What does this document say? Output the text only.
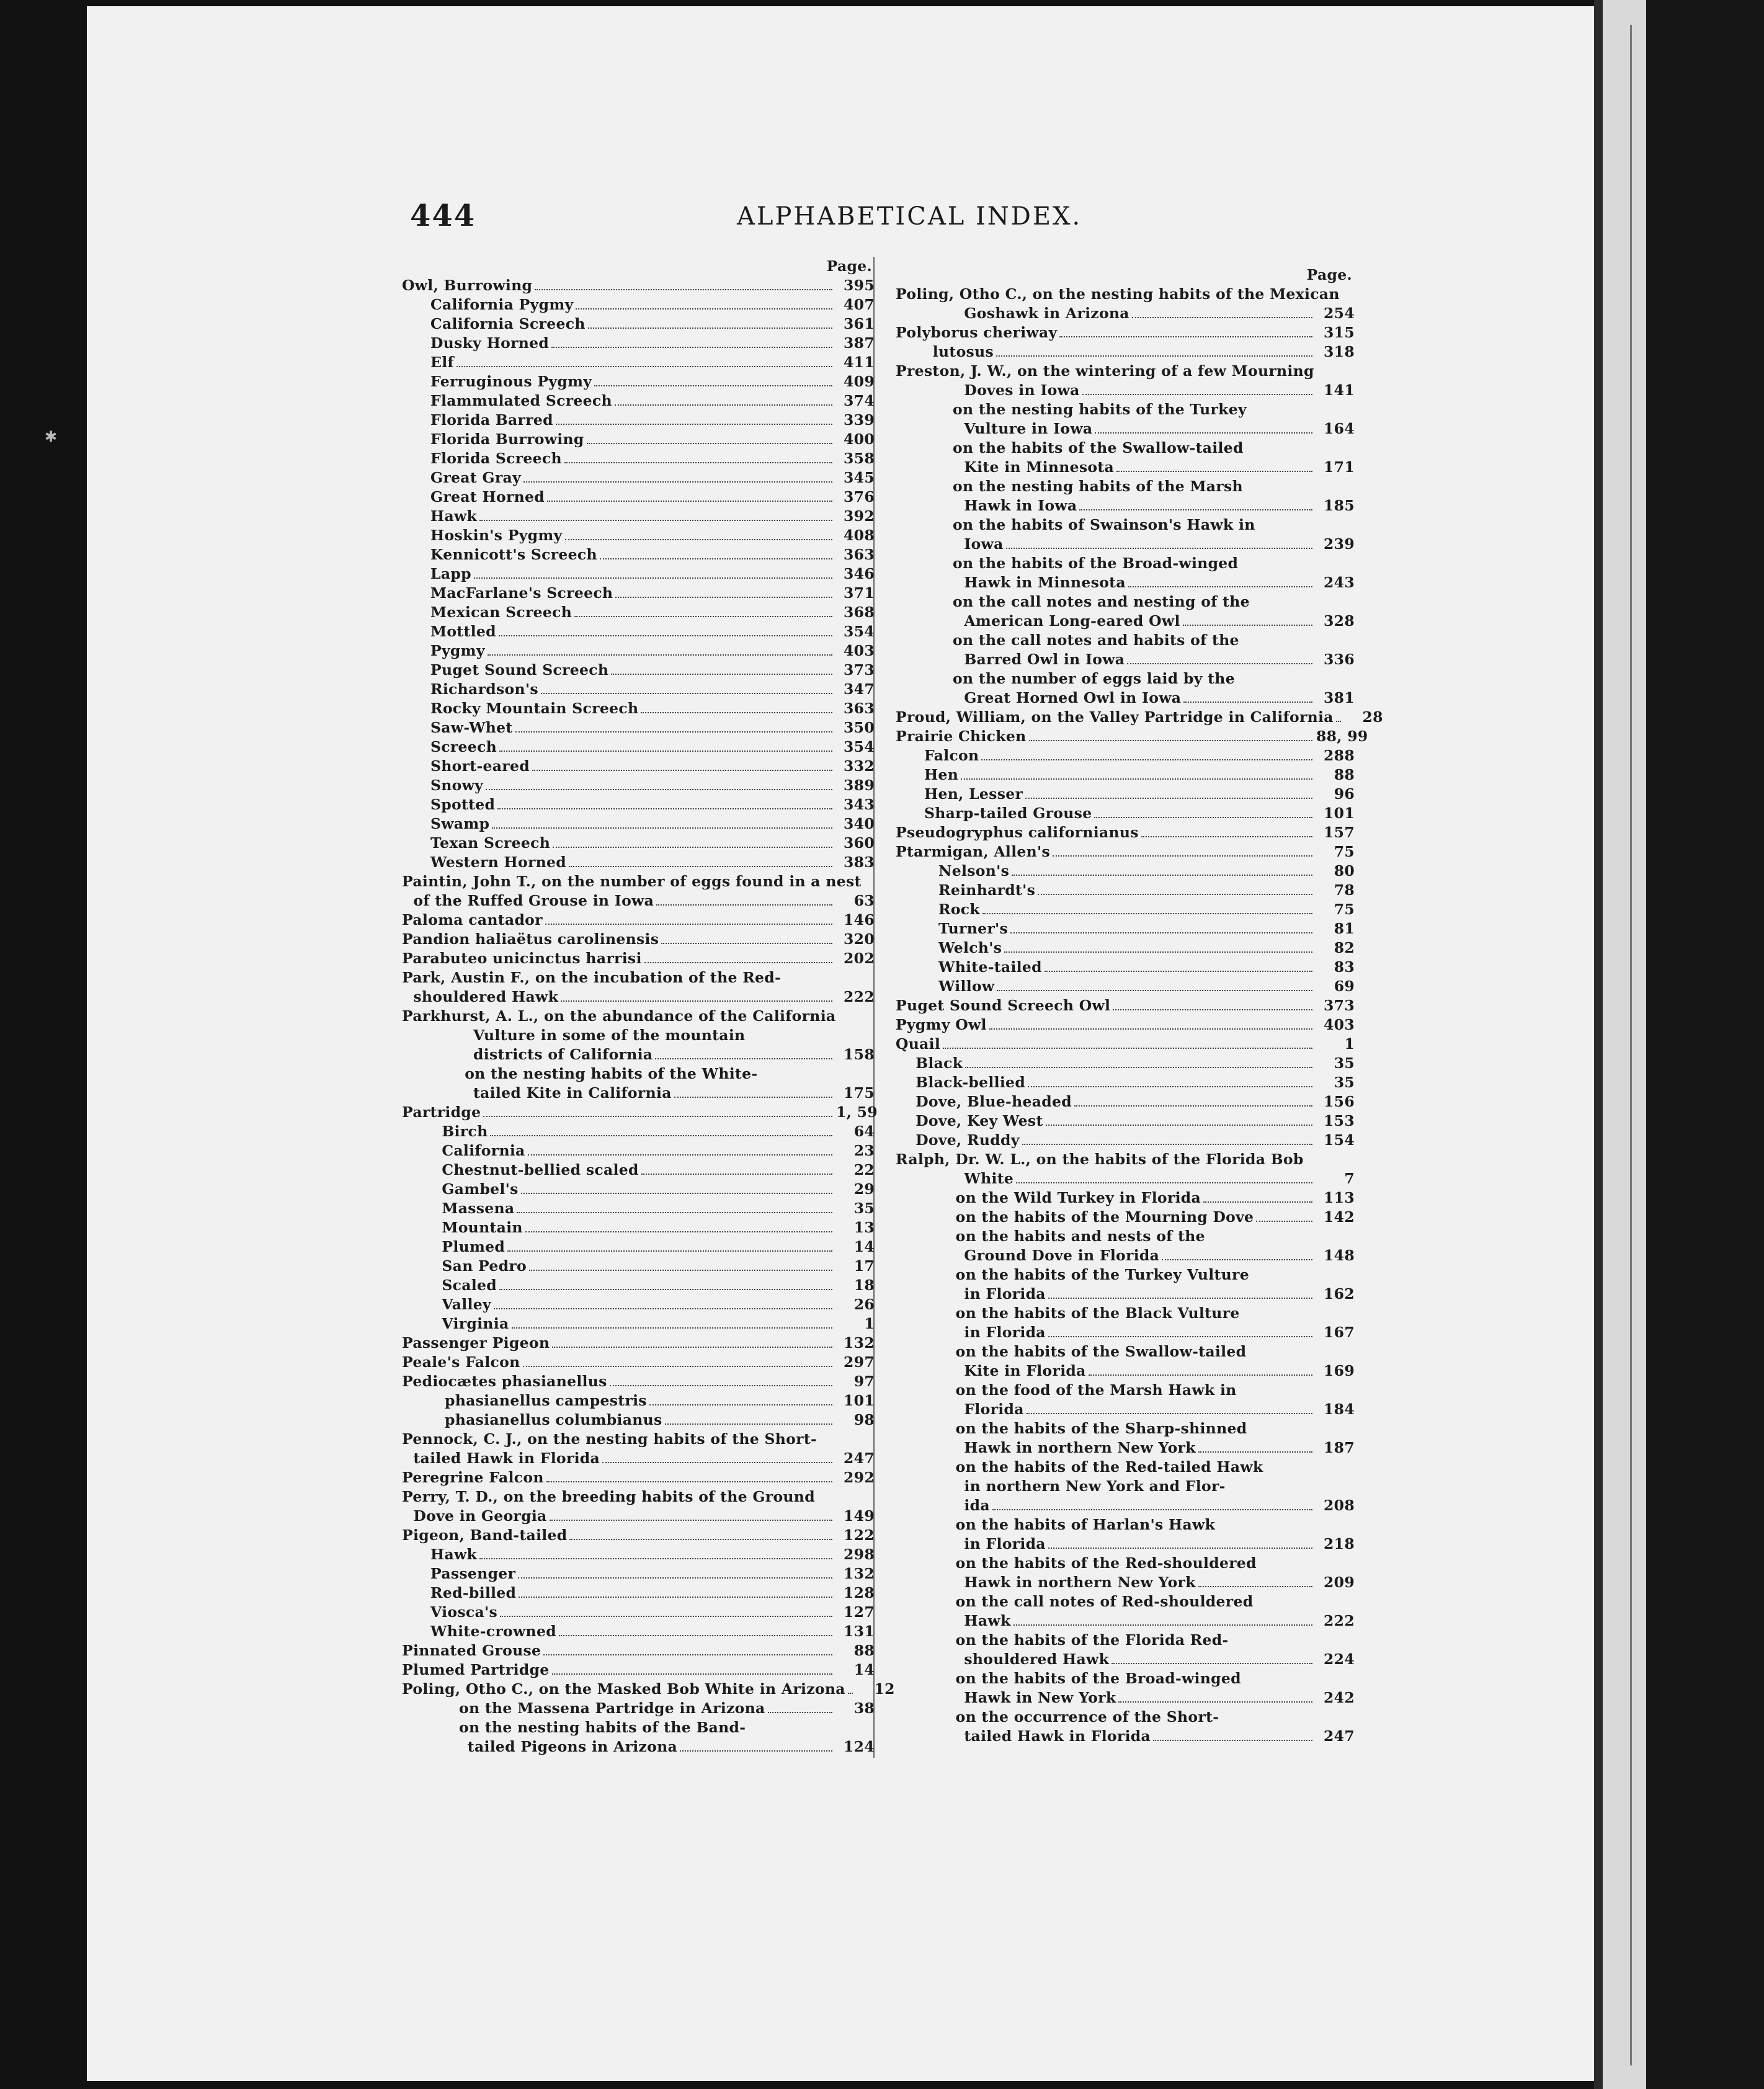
✱
444	ALPHABETICAL INDEX.
Page.
Owl, Burrowing	395
California Pygmy	407
California Screech	361
Dusky Horned	387
Elf	411
Ferruginous Pygmy	409
Flammulated Screech	374
Florida Barred	339
Florida Burrowing	400
Florida Screech	358
Great Gray	345
Great Horned	376
Hawk	392
Hoskin's Pygmy	408
Kennicott's Screech	363
Lapp	346
MacFarlane's Screech	371
Mexican Screech	368
Mottled	354
Pygmy	403
Puget Sound Screech	373
Richardson's	347
Rocky Mountain Screech	363
Saw-Whet	350
Screech	354
Short-eared	332
Snowy	389
Spotted	343
Swamp	340
Texan Screech	360
Western Horned	383
Paintin, John T., on the number of eggs found in a nest
of the Ruffed Grouse in Iowa	63
Paloma cantador	146
Pandion haliaëtus carolinensis	320
Parabuteo unicinctus harrisi	202
Park, Austin F., on the incubation of the Red-
shouldered Hawk	222
Parkhurst, A. L., on the abundance of the California
Vulture in some of the mountain
districts of California	158
on the nesting habits of the White-
tailed Kite in California	175
Partridge	1, 59
Birch	64
California	23
Chestnut-bellied scaled	22
Gambel's	29
Massena	35
Mountain	13
Plumed	14
San Pedro	17
Scaled	18
Valley	26
Virginia	1
Passenger Pigeon	132
Peale's Falcon	297
Pediocætes phasianellus	97
phasianellus campestris	101
phasianellus columbianus	98
Pennock, C. J., on the nesting habits of the Short-
tailed Hawk in Florida	247
Peregrine Falcon	292
Perry, T. D., on the breeding habits of the Ground
Dove in Georgia	149
Pigeon, Band-tailed	122
Hawk	298
Passenger	132
Red-billed	128
Viosca's	127
White-crowned	131
Pinnated Grouse	88
Plumed Partridge	14
Poling, Otho C., on the Masked Bob White in Arizona	12
on the Massena Partridge in Arizona	38
on the nesting habits of the Band-
tailed Pigeons in Arizona	124
Page.
Poling, Otho C., on the nesting habits of the Mexican
Goshawk in Arizona	254
Polyborus cheriway	315
lutosus	318
Preston, J. W., on the wintering of a few Mourning
Doves in Iowa	141
on the nesting habits of the Turkey
Vulture in Iowa	164
on the habits of the Swallow-tailed
Kite in Minnesota	171
on the nesting habits of the Marsh
Hawk in Iowa	185
on the habits of Swainson's Hawk in
Iowa	239
on the habits of the Broad-winged
Hawk in Minnesota	243
on the call notes and nesting of the
American Long-eared Owl	328
on the call notes and habits of the
Barred Owl in Iowa	336
on the number of eggs laid by the
Great Horned Owl in Iowa	381
Proud, William, on the Valley Partridge in California	28
Prairie Chicken	88, 99
Falcon	288
Hen	88
Hen, Lesser	96
Sharp-tailed Grouse	101
Pseudogryphus californianus	157
Ptarmigan, Allen's	75
Nelson's	80
Reinhardt's	78
Rock	75
Turner's	81
Welch's	82
White-tailed	83
Willow	69
Puget Sound Screech Owl	373
Pygmy Owl	403
Quail	1
Black	35
Black-bellied	35
Dove, Blue-headed	156
Dove, Key West	153
Dove, Ruddy	154
Ralph, Dr. W. L., on the habits of the Florida Bob
White	7
on the Wild Turkey in Florida	113
on the habits of the Mourning Dove	142
on the habits and nests of the
Ground Dove in Florida	148
on the habits of the Turkey Vulture
in Florida	162
on the habits of the Black Vulture
in Florida	167
on the habits of the Swallow-tailed
Kite in Florida	169
on the food of the Marsh Hawk in
Florida	184
on the habits of the Sharp-shinned
Hawk in northern New York	187
on the habits of the Red-tailed Hawk
in northern New York and Flor-
ida	208
on the habits of Harlan's Hawk
in Florida	218
on the habits of the Red-shouldered
Hawk in northern New York	209
on the call notes of Red-shouldered
Hawk	222
on the habits of the Florida Red-
shouldered Hawk	224
on the habits of the Broad-winged
Hawk in New York	242
on the occurrence of the Short-
tailed Hawk in Florida	247
